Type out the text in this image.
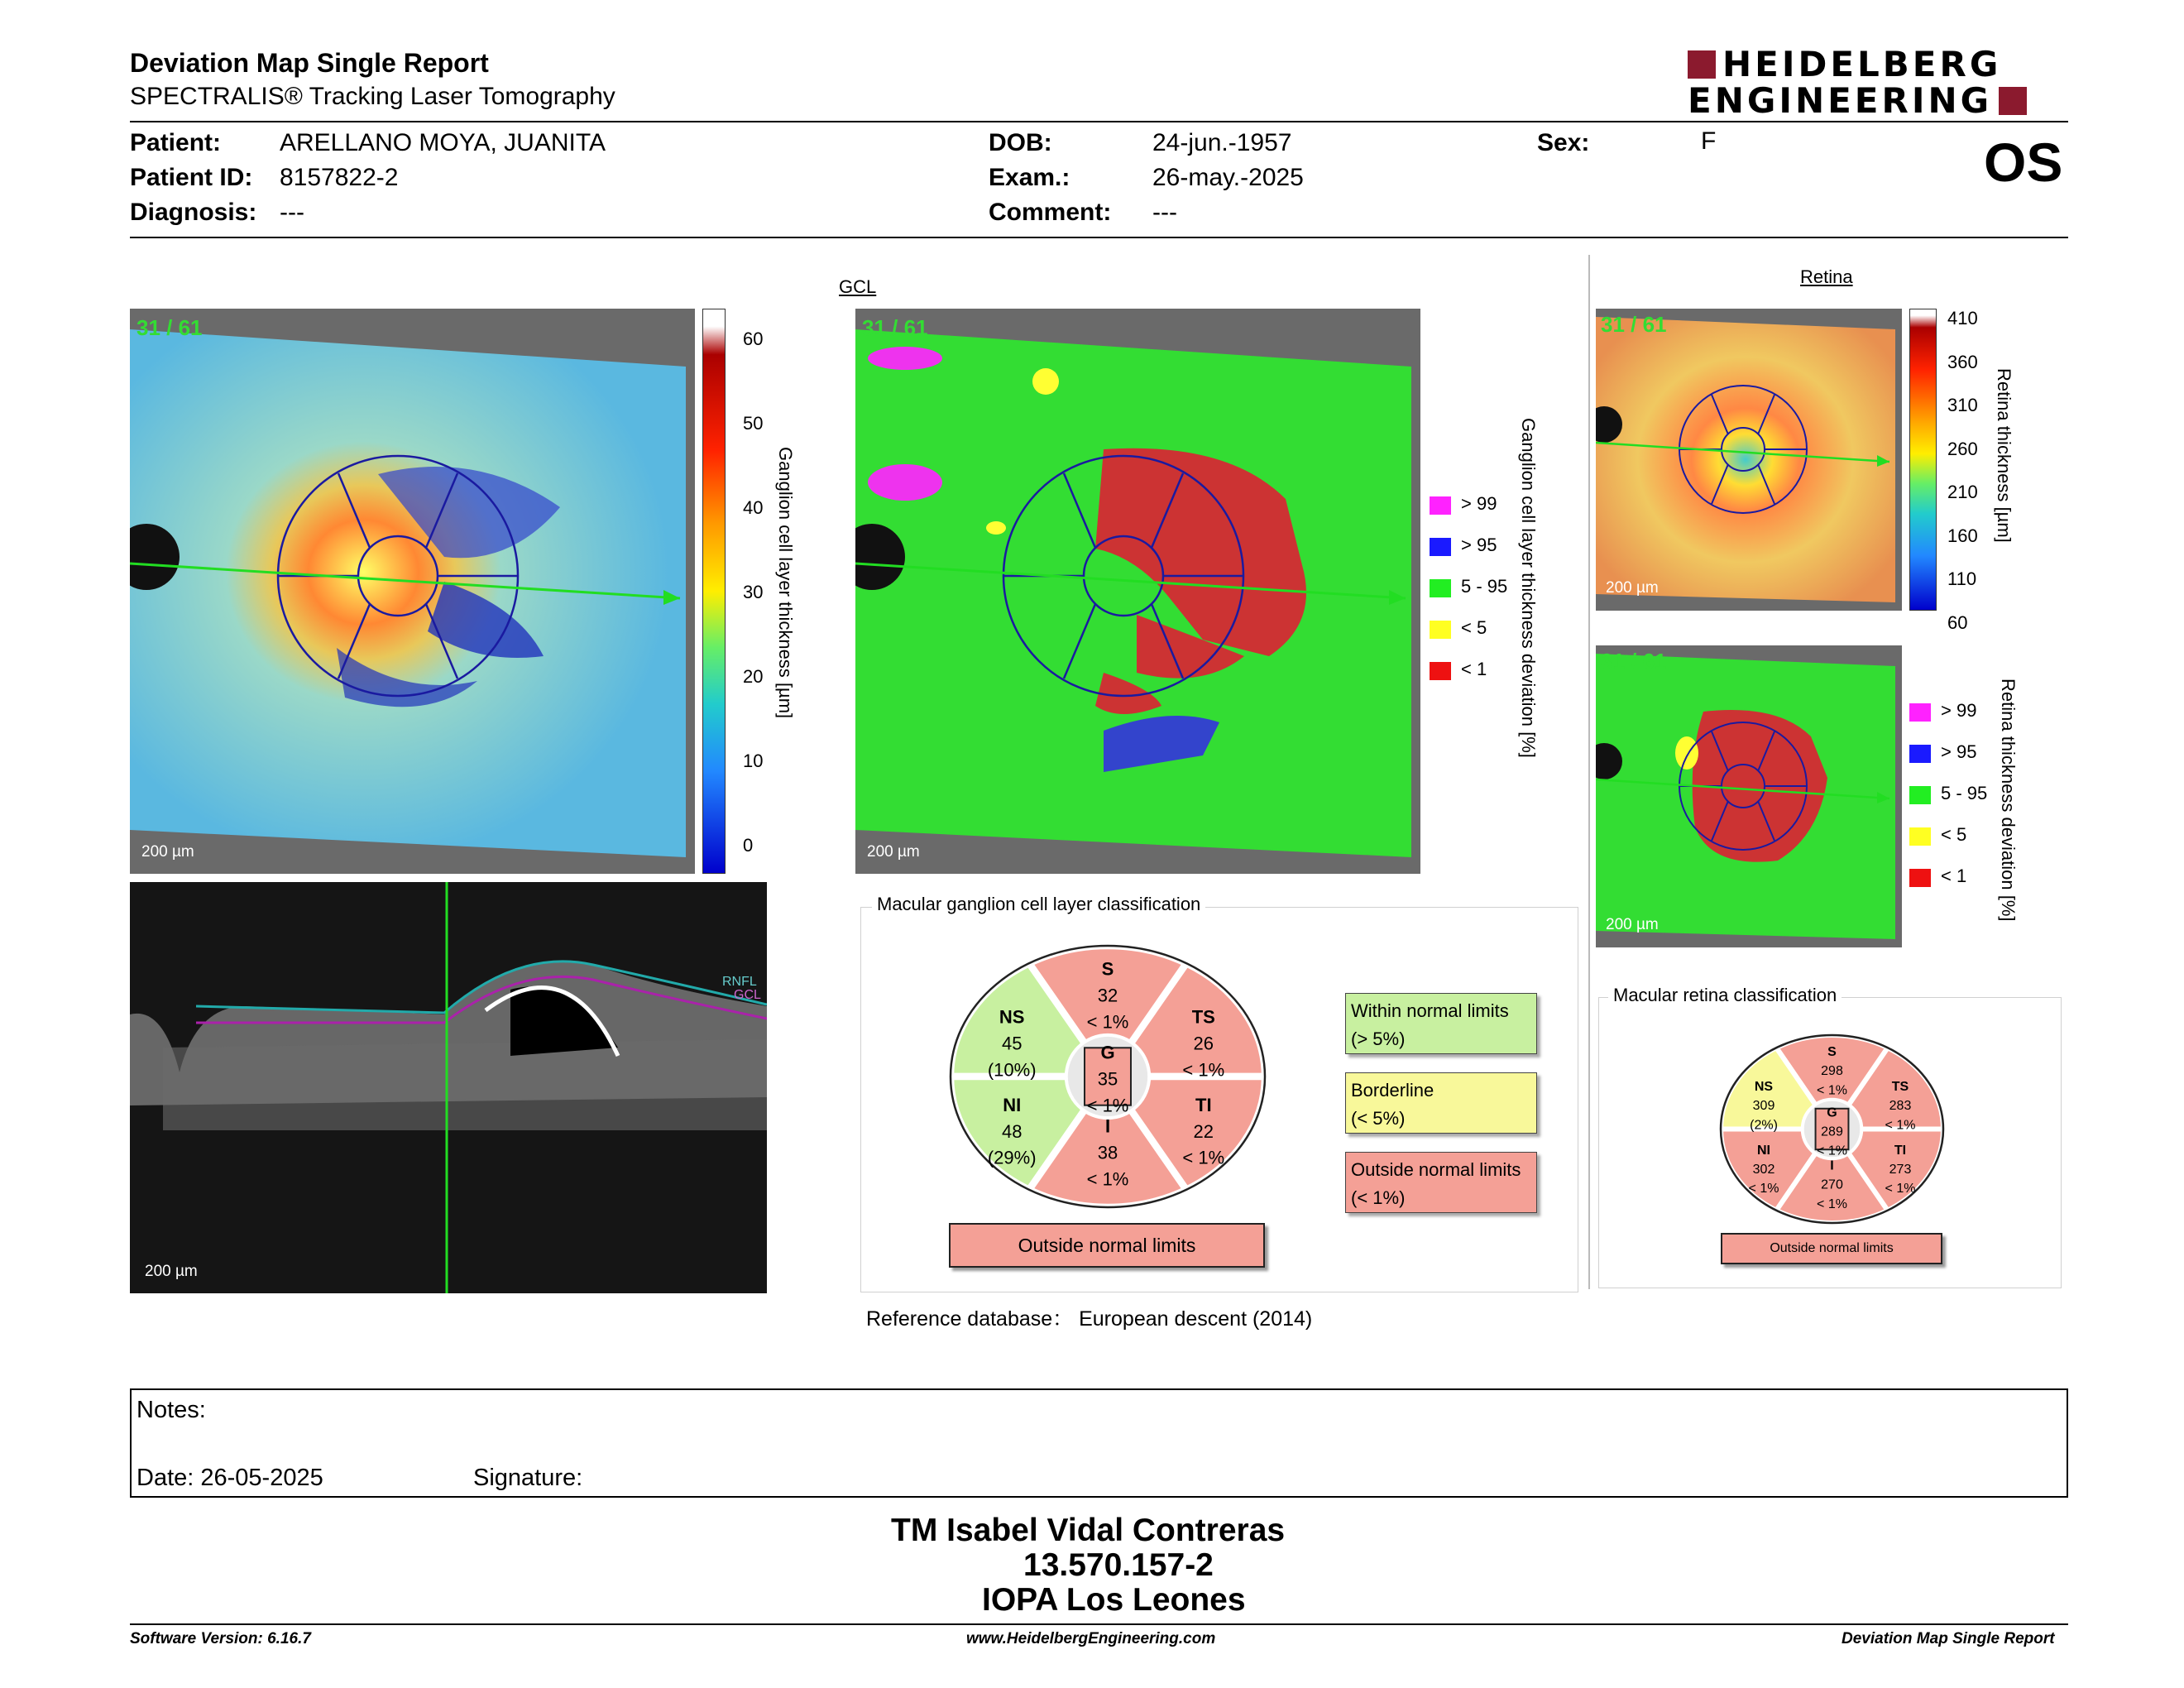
Deviation Map Single Report
SPECTRALIS® Tracking Laser Tomography
HEIDELBERG
ENGINEERING
Patient: ARELLANO MOYA, JUANITA
Patient ID: 8157822-2
Diagnosis: ---
DOB:	24-jun.-1957
Exam.:	26-may.-2025
Comment: ---
Sex:	F	OS
31 / 61
200 µm
60
50
40
30
20
10
0
Ganglion cell layer thickness [µm]
RNFL
GCL
200 µm
GCL
31 / 61
200 µm
> 99
> 95
5 - 95
< 5
< 1 Ganglion cell layer thickness deviation [%]
Macular ganglion cell layer classification
S
32
< 1%	TS
26
< 1%
TI
22
< 1%
I
38
< 1%
NI
48
(29%)
NS
45
(10%)
G
35
< 1%
Outside normal limits
Within normal limits
(> 5%)
Borderline
(< 5%)
Outside normal limits
(< 1%)
Reference database： European descent (2014)
Retina
31 / 61
200 µm
410
360
310
260
210
160
110
60
Retina thickness [µm]
31 / 61
200 µm
> 99
> 95
5 - 95
< 5
< 1 Retina thickness deviation [%]
Macular retina classification
S
298
< 1%	TS
283
< 1%
TI
273
< 1%
I
270
< 1%
NI
302
< 1%
NS
309
(2%)
G
289
< 1%
Outside normal limits
Notes:
Date: 26-05-2025	Signature:
TM Isabel Vidal Contreras
13.570.157-2
IOPA Los Leones
Software Version: 6.16.7	www.HeidelbergEngineering.com	Deviation Map Single Report
